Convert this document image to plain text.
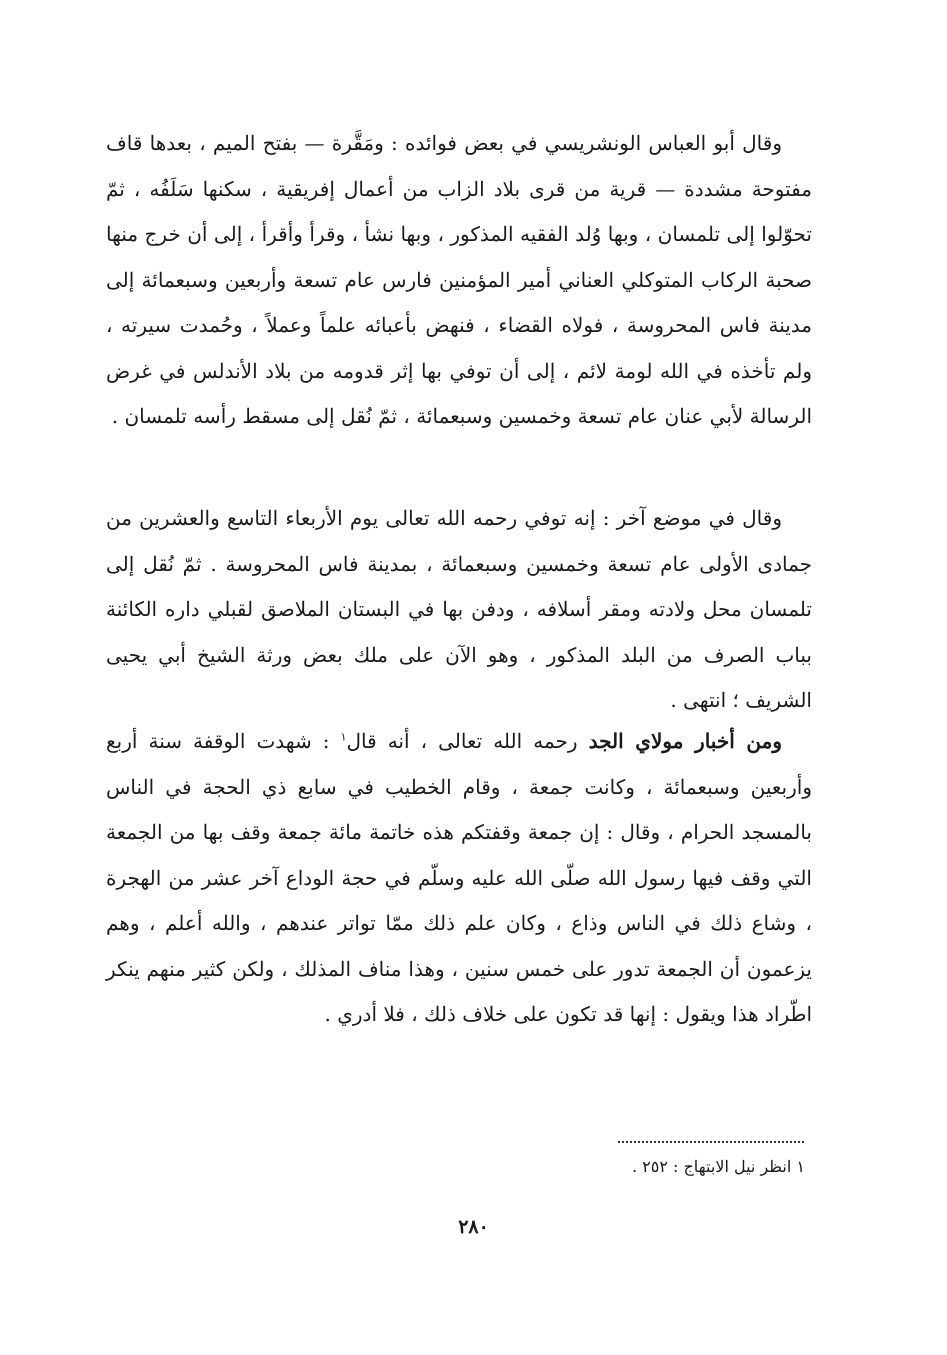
وقال أبو العباس الونشريسي في بعض فوائده : ومَقَّرة — بفتح الميم ، بعدها قاف مفتوحة مشددة — قرية من قرى بلاد الزاب من أعمال إفريقية ، سكنها سَلَفُه ، ثمّ تحوّلوا إلى تلمسان ، وبها وُلد الفقيه المذكور ، وبها نشأ ، وقرأ وأقرأ ، إلى أن خرج منها صحبة الركاب المتوكلي العناني أمير المؤمنين فارس عام تسعة وأربعين وسبعمائة إلى مدينة فاس المحروسة ، فولاه القضاء ، فنهض بأعبائه علماً وعملاً ، وحُمدت سيرته ، ولم تأخذه في الله لومة لائم ، إلى أن توفي بها إثر قدومه من بلاد الأندلس في غرض الرسالة لأبي عنان عام تسعة وخمسين وسبعمائة ، ثمّ نُقل إلى مسقط رأسه تلمسان .

وقال في موضع آخر : إنه توفي رحمه الله تعالى يوم الأربعاء التاسع والعشرين من جمادى الأولى عام تسعة وخمسين وسبعمائة ، بمدينة فاس المحروسة . ثمّ نُقل إلى تلمسان محل ولادته ومقر أسلافه ، ودفن بها في البستان الملاصق لقبلي داره الكائنة بباب الصرف من البلد المذكور ، وهو الآن على ملك بعض ورثة الشيخ أبي يحيى الشريف ؛ انتهى .

ومن أخبار مولاي الجد رحمه الله تعالى ، أنه قال$^١$ : شهدت الوقفة سنة أربع وأربعين وسبعمائة ، وكانت جمعة ، وقام الخطيب في سابع ذي الحجة في الناس بالمسجد الحرام ، وقال : إن جمعة وقفتكم هذه خاتمة مائة جمعة وقف بها من الجمعة التي وقف فيها رسول الله صلّى الله عليه وسلّم في حجة الوداع آخر عشر من الهجرة ، وشاع ذلك في الناس وذاع ، وكان علم ذلك ممّا تواتر عندهم ، والله أعلم ، وهم يزعمون أن الجمعة تدور على خمس سنين ، وهذا مناف المذلك ، ولكن كثير منهم ينكر اطّراد هذا ويقول : إنها قد تكون على خلاف ذلك ، فلا أدري .

١ انظر نيل الابتهاج : ٢٥٢ .

٢٨٠
